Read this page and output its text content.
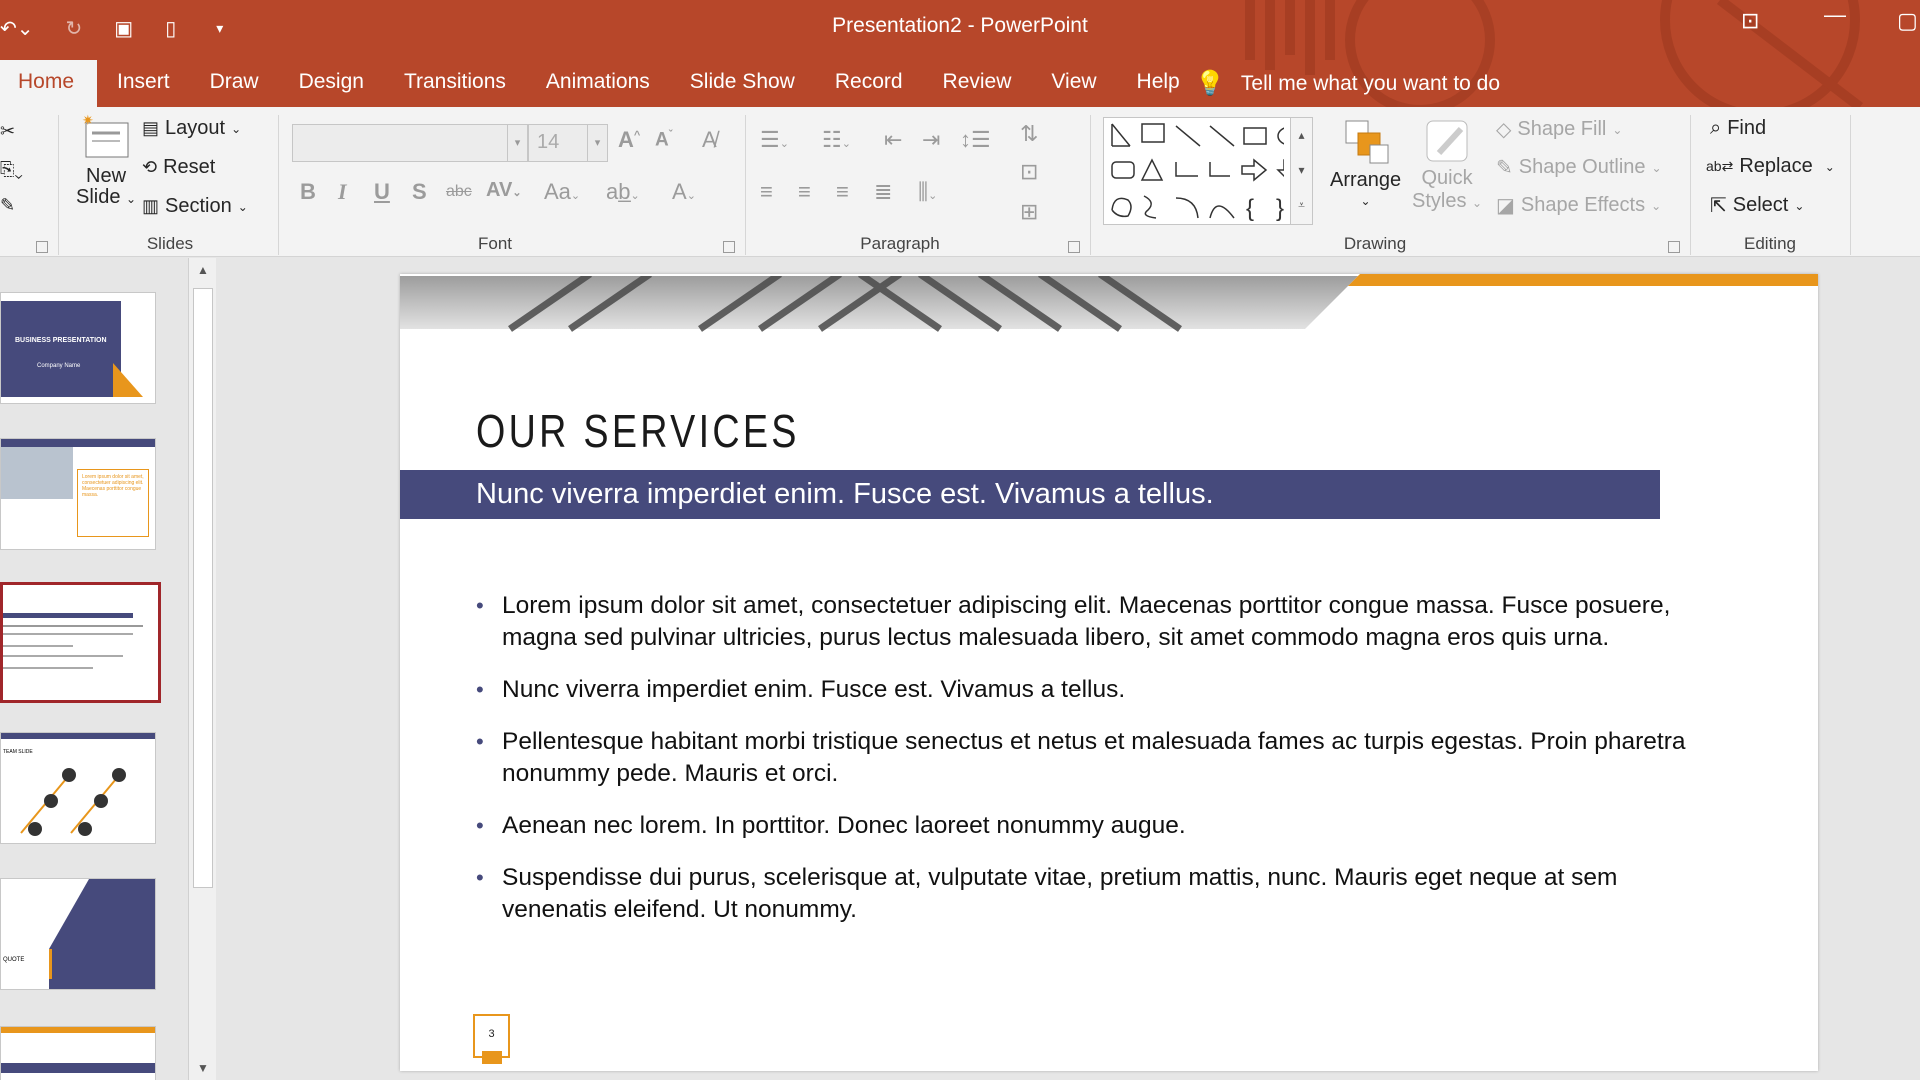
↶⌄ ↻ ▣ ▯	▾	Presentation2 - PowerPoint	⊡	— ▢
Home	Insert	Draw	Design	Transitions	Animations	Slide Show	Record	Review	View	Help 💡 Tell me what you want to do
✂
⎘⌄
✎
✷
New
Slide ⌄
▤ Layout ⌄
⟲ Reset
▥ Section ⌄
Slides
▾ 14	▾ A^ $A^ˇ$ A̸
B I U S abc AV⌄ Aa⌄ ab̲⌄ A⌄
Font
☰⌄ ☷⌄ ⇤ ⇥ ↕☰ ⇅
⊡
⊞
≡ ≡ ≡ ≣ ⫼⌄
Paragraph
{ }
▴
▾
⩡
Arrange
⌄
Quick
Styles ⌄
◇ Shape Fill ⌄
✎ Shape Outline ⌄
◪ Shape Effects ⌄
Drawing
⌕ Find
ab⇄ Replace ⌄
⇱ Select ⌄
Editing
BUSINESS PRESENTATION
Company Name
Lorem ipsum dolor sit amet, consectetuer adipiscing elit. Maecenas porttitor congue massa.
TEAM SLIDE
QUOTE
▲
▼
OUR SERVICES
Nunc viverra imperdiet enim. Fusce est. Vivamus a tellus.
• Lorem ipsum dolor sit amet, consectetuer adipiscing elit. Maecenas porttitor congue massa. Fusce posuere, magna sed pulvinar ultricies, purus lectus malesuada libero, sit amet commodo magna eros quis urna.
• Nunc viverra imperdiet enim. Fusce est. Vivamus a tellus.
• Pellentesque habitant morbi tristique senectus et netus et malesuada fames ac turpis egestas. Proin pharetra nonummy pede. Mauris et orci.
• Aenean nec lorem. In porttitor. Donec laoreet nonummy augue.
• Suspendisse dui purus, scelerisque at, vulputate vitae, pretium mattis, nunc. Mauris eget neque at sem venenatis eleifend. Ut nonummy.
3
